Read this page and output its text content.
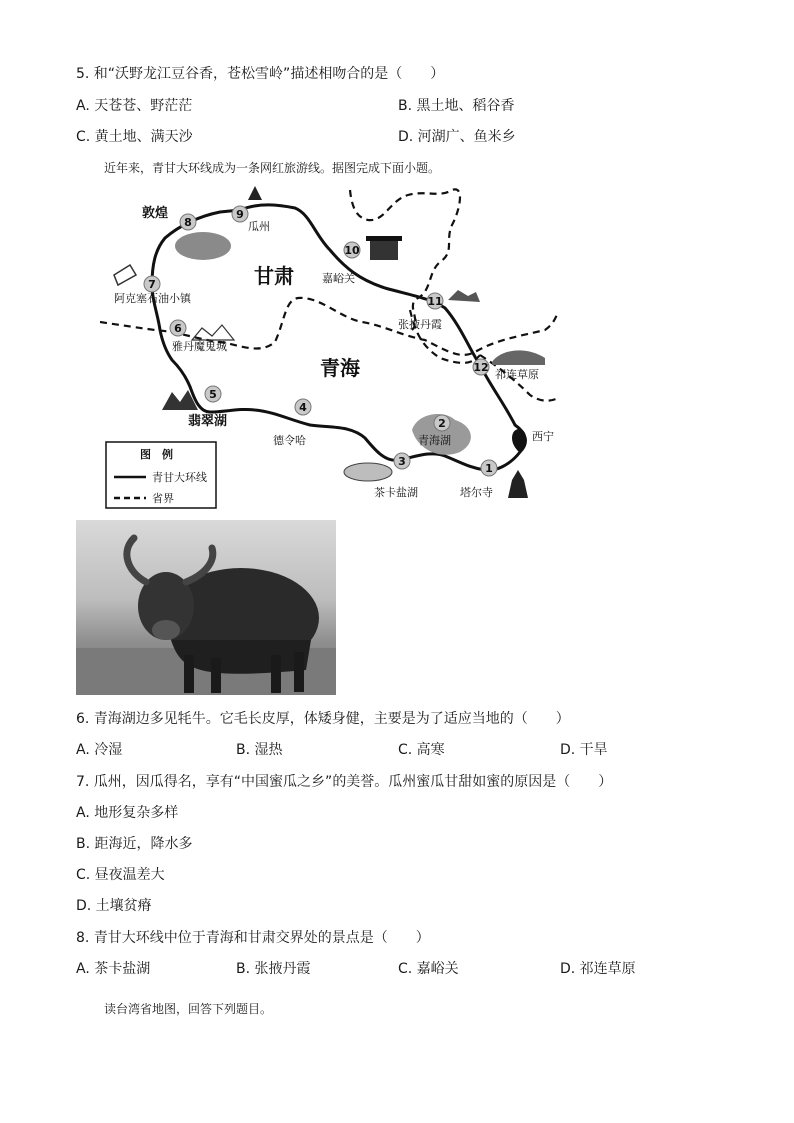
5. 和“沃野龙江豆谷香，苍松雪岭”描述相吻合的是（　　）
A. 天苍苍、野茫茫	B. 黑土地、稻谷香
C. 黄土地、满天沙	D. 河湖广、鱼米乡
近年来，青甘大环线成为一条网红旅游线。据图完成下面小题。
甘肃
青海
1
2
3
4
5
6
7
8
9
10
11
12
塔尔寺
青海湖
茶卡盐湖
德令哈
翡翠湖
雅丹魔鬼城
阿克塞石油小镇
敦煌
瓜州
嘉峪关
张掖丹霞
祁连草原
西宁
图　例
青甘大环线
省界
6. 青海湖边多见牦牛。它毛长皮厚，体矮身健，主要是为了适应当地的（　　）
A. 冷湿	B. 湿热	C. 高寒	D. 干旱
7. 瓜州，因瓜得名，享有“中国蜜瓜之乡”的美誉。瓜州蜜瓜甘甜如蜜的原因是（　　）
A. 地形复杂多样
B. 距海近，降水多
C. 昼夜温差大
D. 土壤贫瘠
8. 青甘大环线中位于青海和甘肃交界处的景点是（　　）
A. 茶卡盐湖	B. 张掖丹霞	C. 嘉峪关	D. 祁连草原
读台湾省地图，回答下列题目。
